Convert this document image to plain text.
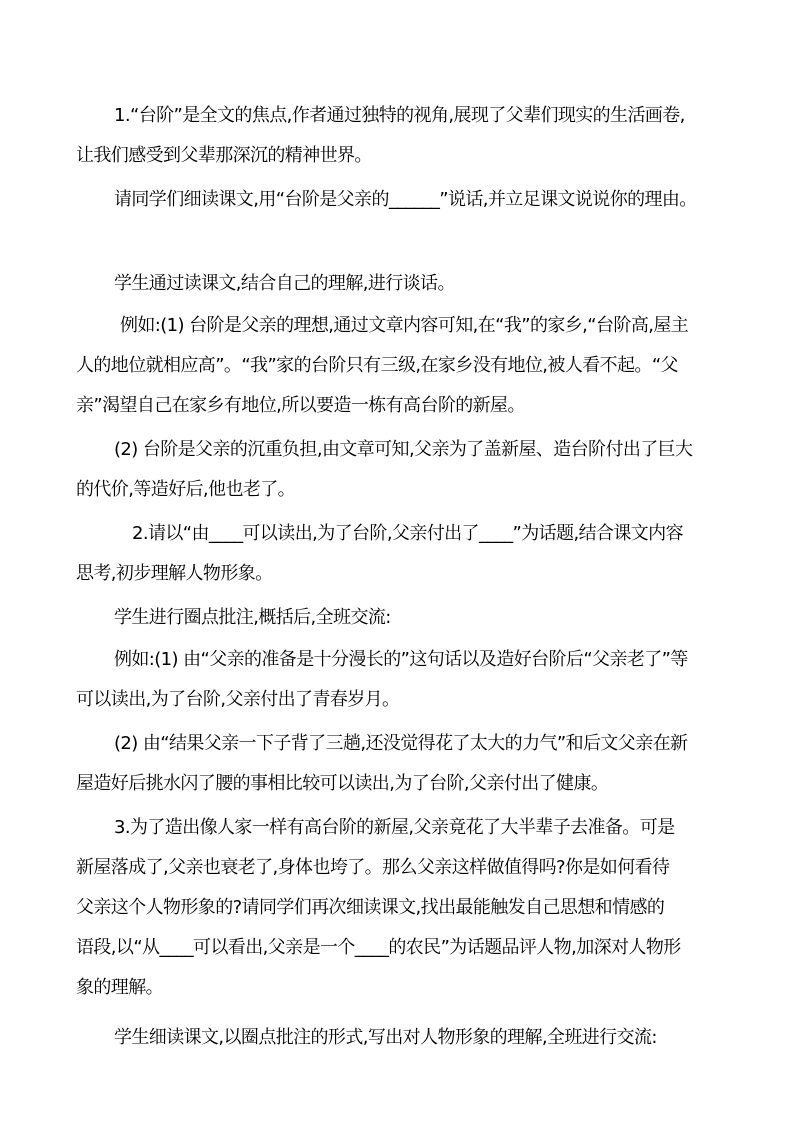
1.“台阶”是全文的焦点,作者通过独特的视角,展现了父辈们现实的生活画卷,
让我们感受到父辈那深沉的精神世界。

请同学们细读课文,用“台阶是父亲的______”说话,并立足课文说说你的理由。

学生通过读课文,结合自己的理解,进行谈话。

例如:(1) 台阶是父亲的理想,通过文章内容可知,在“我”的家乡,“台阶高,屋主
人的地位就相应高”。“我”家的台阶只有三级,在家乡没有地位,被人看不起。“父
亲”渴望自己在家乡有地位,所以要造一栋有高台阶的新屋。

(2) 台阶是父亲的沉重负担,由文章可知,父亲为了盖新屋、造台阶付出了巨大
的代价,等造好后,他也老了。

2.请以“由____可以读出,为了台阶,父亲付出了____”为话题,结合课文内容
思考,初步理解人物形象。

学生进行圈点批注,概括后,全班交流:

例如:(1) 由“父亲的准备是十分漫长的”这句话以及造好台阶后“父亲老了”等
可以读出,为了台阶,父亲付出了青春岁月。

(2) 由“结果父亲一下子背了三趟,还没觉得花了太大的力气”和后文父亲在新
屋造好后挑水闪了腰的事相比较可以读出,为了台阶,父亲付出了健康。

3.为了造出像人家一样有高台阶的新屋,父亲竟花了大半辈子去准备。可是
新屋落成了,父亲也衰老了,身体也垮了。那么父亲这样做值得吗?你是如何看待
父亲这个人物形象的?请同学们再次细读课文,找出最能触发自己思想和情感的
语段,以“从____可以看出,父亲是一个____的农民”为话题品评人物,加深对人物形
象的理解。

学生细读课文,以圈点批注的形式,写出对人物形象的理解,全班进行交流:
